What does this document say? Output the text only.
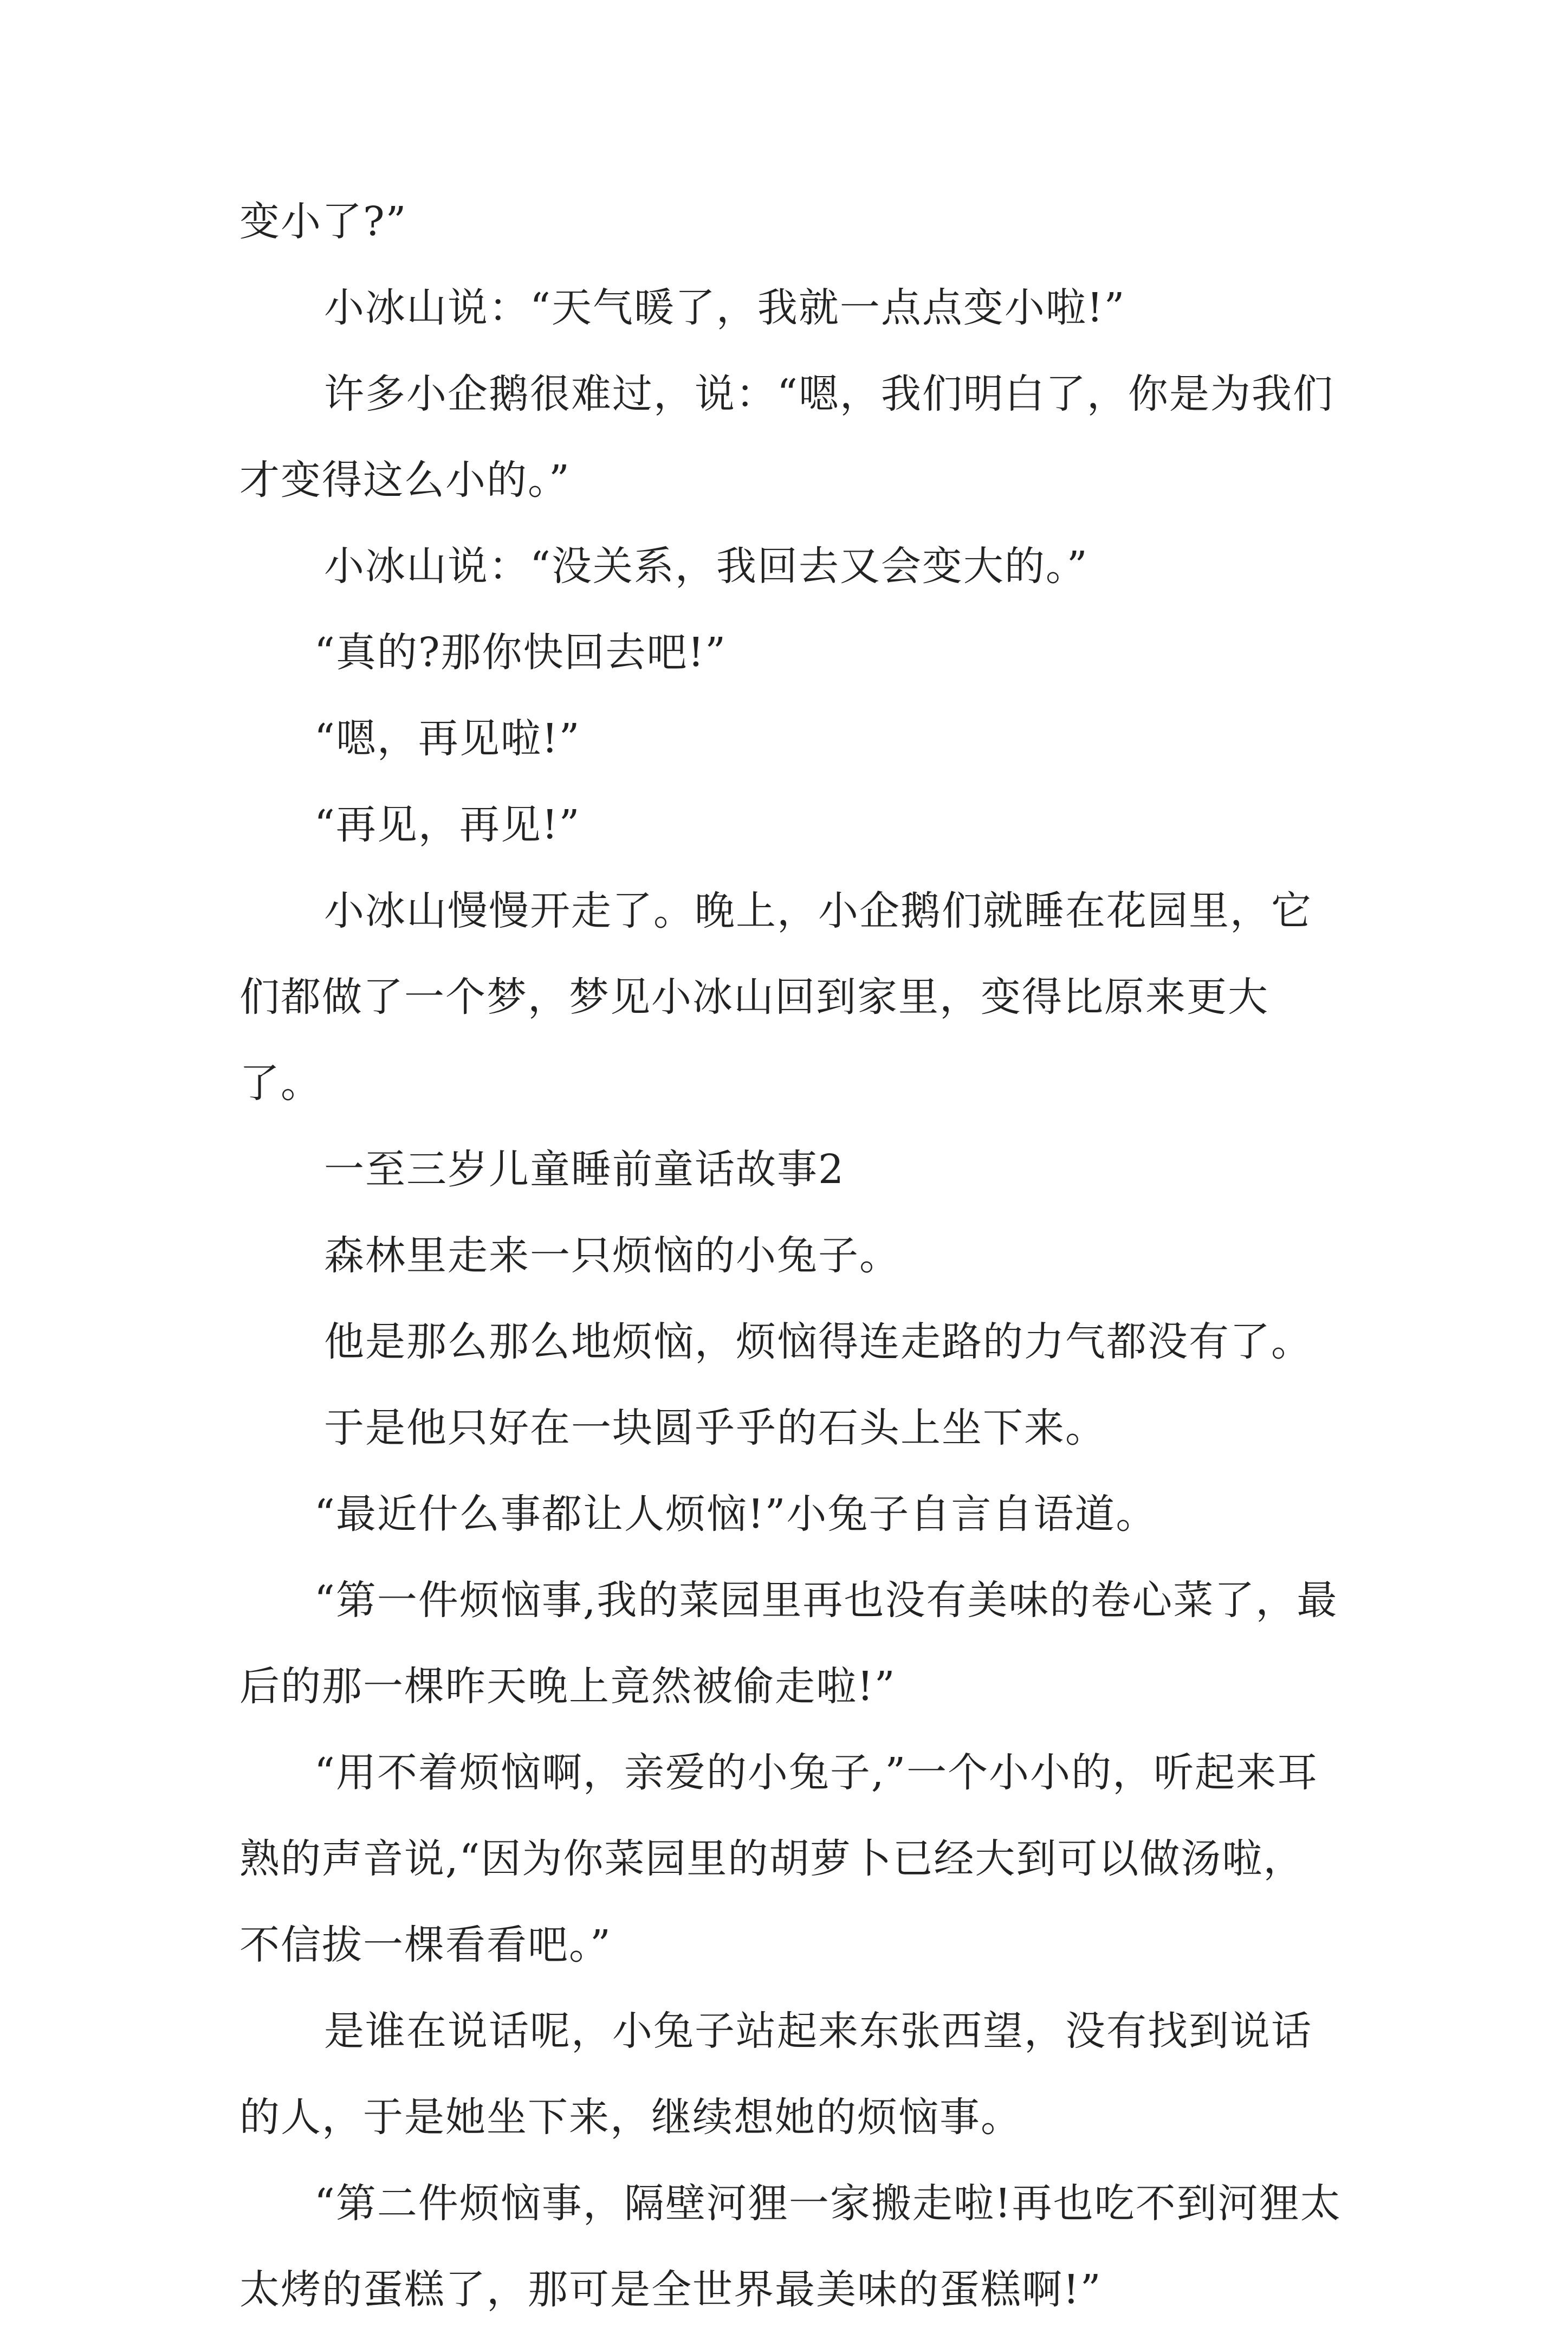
变小了?”

小冰山说：“天气暖了，我就一点点变小啦!”

许多小企鹅很难过，说：“嗯，我们明白了，你是为我们才变得这么小的。”

小冰山说：“没关系，我回去又会变大的。”

“真的?那你快回去吧!”

“嗯，再见啦!”

“再见，再见!”

小冰山慢慢开走了。晚上，小企鹅们就睡在花园里，它们都做了一个梦，梦见小冰山回到家里，变得比原来更大了。

一至三岁儿童睡前童话故事2

森林里走来一只烦恼的小兔子。

他是那么那么地烦恼，烦恼得连走路的力气都没有了。

于是他只好在一块圆乎乎的石头上坐下来。

“最近什么事都让人烦恼!”小兔子自言自语道。

“第一件烦恼事,我的菜园里再也没有美味的卷心菜了，最后的那一棵昨天晚上竟然被偷走啦!”

“用不着烦恼啊，亲爱的小兔子,”一个小小的，听起来耳熟的声音说,“因为你菜园里的胡萝卜已经大到可以做汤啦，不信拔一棵看看吧。”

是谁在说话呢，小兔子站起来东张西望，没有找到说话的人，于是她坐下来，继续想她的烦恼事。

“第二件烦恼事，隔壁河狸一家搬走啦!再也吃不到河狸太太烤的蛋糕了，那可是全世界最美味的蛋糕啊!”
